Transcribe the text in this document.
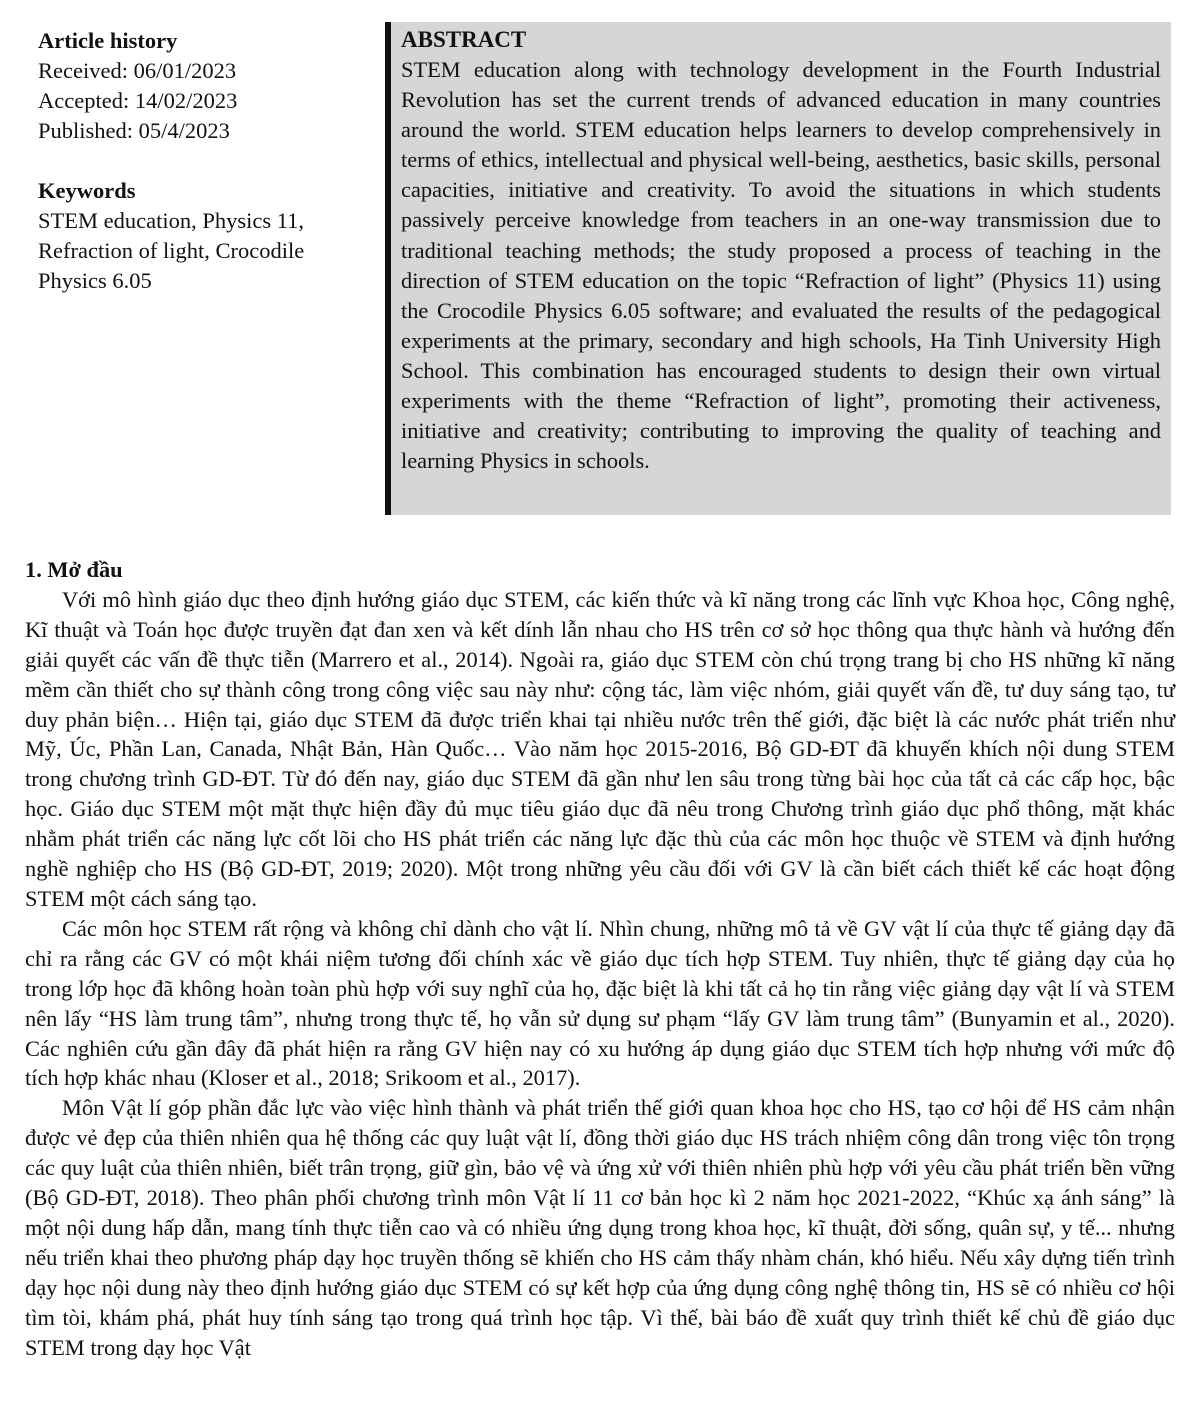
Article history
Received: 06/01/2023
Accepted: 14/02/2023
Published: 05/4/2023
Keywords
STEM education, Physics 11, Refraction of light, Crocodile Physics 6.05
ABSTRACT
STEM education along with technology development in the Fourth Industrial Revolution has set the current trends of advanced education in many countries around the world. STEM education helps learners to develop comprehensively in terms of ethics, intellectual and physical well-being, aesthetics, basic skills, personal capacities, initiative and creativity. To avoid the situations in which students passively perceive knowledge from teachers in an one-way transmission due to traditional teaching methods; the study proposed a process of teaching in the direction of STEM education on the topic “Refraction of light” (Physics 11) using the Crocodile Physics 6.05 software; and evaluated the results of the pedagogical experiments at the primary, secondary and high schools, Ha Tinh University High School. This combination has encouraged students to design their own virtual experiments with the theme “Refraction of light”, promoting their activeness, initiative and creativity; contributing to improving the quality of teaching and learning Physics in schools.
1. Mở đầu

Với mô hình giáo dục theo định hướng giáo dục STEM, các kiến thức và kĩ năng trong các lĩnh vực Khoa học, Công nghệ, Kĩ thuật và Toán học được truyền đạt đan xen và kết dính lẫn nhau cho HS trên cơ sở học thông qua thực hành và hướng đến giải quyết các vấn đề thực tiễn (Marrero et al., 2014). Ngoài ra, giáo dục STEM còn chú trọng trang bị cho HS những kĩ năng mềm cần thiết cho sự thành công trong công việc sau này như: cộng tác, làm việc nhóm, giải quyết vấn đề, tư duy sáng tạo, tư duy phản biện… Hiện tại, giáo dục STEM đã được triển khai tại nhiều nước trên thế giới, đặc biệt là các nước phát triển như Mỹ, Úc, Phần Lan, Canada, Nhật Bản, Hàn Quốc… Vào năm học 2015-2016, Bộ GD-ĐT đã khuyến khích nội dung STEM trong chương trình GD-ĐT. Từ đó đến nay, giáo dục STEM đã gần như len sâu trong từng bài học của tất cả các cấp học, bậc học. Giáo dục STEM một mặt thực hiện đầy đủ mục tiêu giáo dục đã nêu trong Chương trình giáo dục phổ thông, mặt khác nhằm phát triển các năng lực cốt lõi cho HS phát triển các năng lực đặc thù của các môn học thuộc về STEM và định hướng nghề nghiệp cho HS (Bộ GD-ĐT, 2019; 2020). Một trong những yêu cầu đối với GV là cần biết cách thiết kế các hoạt động STEM một cách sáng tạo.

Các môn học STEM rất rộng và không chỉ dành cho vật lí. Nhìn chung, những mô tả về GV vật lí của thực tế giảng dạy đã chỉ ra rằng các GV có một khái niệm tương đối chính xác về giáo dục tích hợp STEM. Tuy nhiên, thực tế giảng dạy của họ trong lớp học đã không hoàn toàn phù hợp với suy nghĩ của họ, đặc biệt là khi tất cả họ tin rằng việc giảng dạy vật lí và STEM nên lấy “HS làm trung tâm”, nhưng trong thực tế, họ vẫn sử dụng sư phạm “lấy GV làm trung tâm” (Bunyamin et al., 2020). Các nghiên cứu gần đây đã phát hiện ra rằng GV hiện nay có xu hướng áp dụng giáo dục STEM tích hợp nhưng với mức độ tích hợp khác nhau (Kloser et al., 2018; Srikoom et al., 2017).

Môn Vật lí góp phần đắc lực vào việc hình thành và phát triển thế giới quan khoa học cho HS, tạo cơ hội để HS cảm nhận được vẻ đẹp của thiên nhiên qua hệ thống các quy luật vật lí, đồng thời giáo dục HS trách nhiệm công dân trong việc tôn trọng các quy luật của thiên nhiên, biết trân trọng, giữ gìn, bảo vệ và ứng xử với thiên nhiên phù hợp với yêu cầu phát triển bền vững (Bộ GD-ĐT, 2018). Theo phân phối chương trình môn Vật lí 11 cơ bản học kì 2 năm học 2021-2022, “Khúc xạ ánh sáng” là một nội dung hấp dẫn, mang tính thực tiễn cao và có nhiều ứng dụng trong khoa học, kĩ thuật, đời sống, quân sự, y tế... nhưng nếu triển khai theo phương pháp dạy học truyền thống sẽ khiến cho HS cảm thấy nhàm chán, khó hiểu. Nếu xây dựng tiến trình dạy học nội dung này theo định hướng giáo dục STEM có sự kết hợp của ứng dụng công nghệ thông tin, HS sẽ có nhiều cơ hội tìm tòi, khám phá, phát huy tính sáng tạo trong quá trình học tập. Vì thế, bài báo đề xuất quy trình thiết kế chủ đề giáo dục STEM trong dạy học Vật
